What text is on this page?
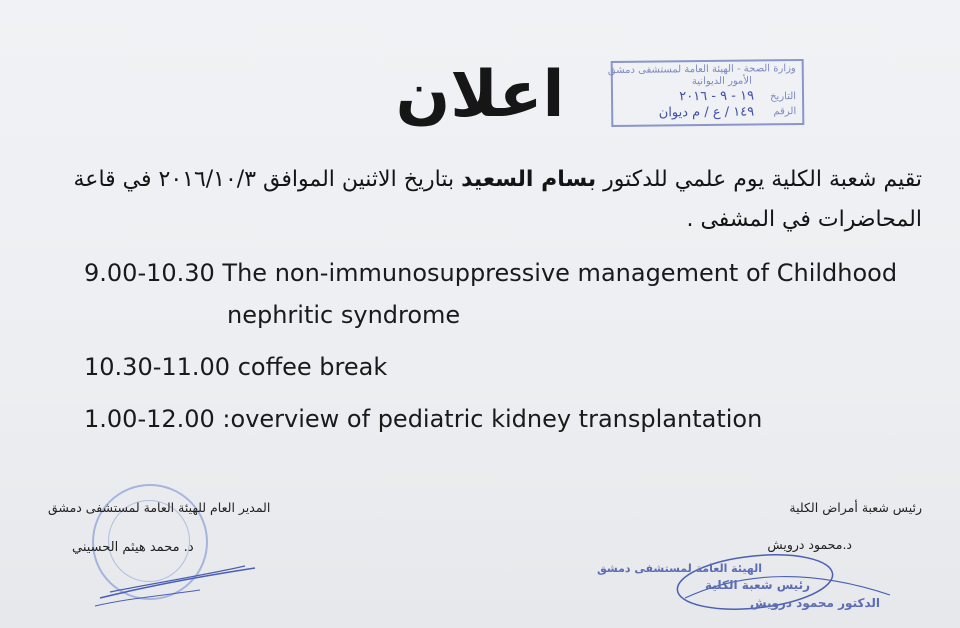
اعلان	وزارة الصحة - الهيئة العامة لمستشفى دمشق
الأمور الديوانية
التاريخ
١٩ - ٩ - ٢٠١٦
الرقم
١٤٩ / ع / م ديوان
تقيم شعبة الكلية يوم علمي للدكتور بسام السعيد بتاريخ الاثنين الموافق ٢٠١٦/١٠/٣ في قاعة
المحاضرات في المشفى .
9.00-10.30 The non-immunosuppressive management of Childhood
nephritic syndrome
10.30-11.00 coffee break
1.00-12.00 :overview of pediatric kidney transplantation
المدير العام للهيئة العامة لمستشفى دمشق
د. محمد هيثم الحسيني
رئيس شعبة أمراض الكلية
د.محمود درويش
الهيئة العامة لمستشفى دمشق
رئيس شعبة الكلية
الدكتور محمود درويش
